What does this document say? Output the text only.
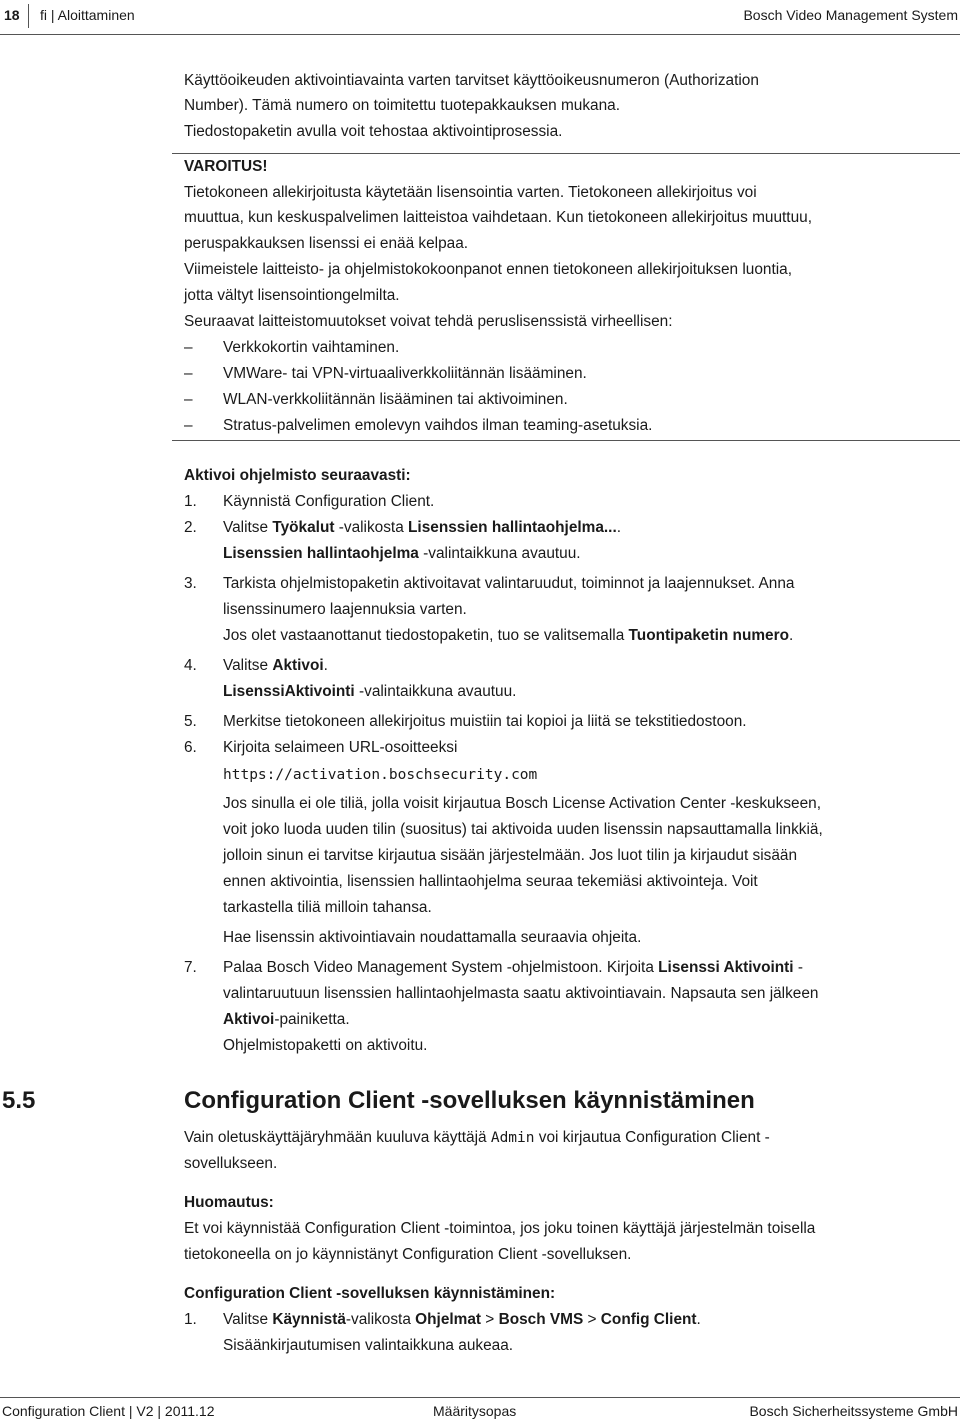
18 fi | Aloittaminen	Bosch Video Management System
Käyttöoikeuden aktivointiavainta varten tarvitset käyttöoikeusnumeron (Authorization
Number). Tämä numero on toimitettu tuotepakkauksen mukana.
Tiedostopaketin avulla voit tehostaa aktivointiprosessia.
VAROITUS!
Tietokoneen allekirjoitusta käytetään lisensointia varten. Tietokoneen allekirjoitus voi
muuttua, kun keskuspalvelimen laitteistoa vaihdetaan. Kun tietokoneen allekirjoitus muuttuu,
peruspakkauksen lisenssi ei enää kelpaa.
Viimeistele laitteisto- ja ohjelmistokokoonpanot ennen tietokoneen allekirjoituksen luontia,
jotta vältyt lisensointiongelmilta.
Seuraavat laitteistomuutokset voivat tehdä peruslisenssistä virheellisen:
– Verkkokortin vaihtaminen.
– VMWare- tai VPN-virtuaaliverkkoliitännän lisääminen.
– WLAN-verkkoliitännän lisääminen tai aktivoiminen.
– Stratus-palvelimen emolevyn vaihdos ilman teaming-asetuksia.
Aktivoi ohjelmisto seuraavasti:
1. Käynnistä Configuration Client.
2. Valitse Työkalut -valikosta Lisenssien hallintaohjelma....
Lisenssien hallintaohjelma -valintaikkuna avautuu.
3. Tarkista ohjelmistopaketin aktivoitavat valintaruudut, toiminnot ja laajennukset. Anna
lisenssinumero laajennuksia varten.
Jos olet vastaanottanut tiedostopaketin, tuo se valitsemalla Tuontipaketin numero.
4. Valitse Aktivoi.
LisenssiAktivointi -valintaikkuna avautuu.
5. Merkitse tietokoneen allekirjoitus muistiin tai kopioi ja liitä se tekstitiedostoon.
6. Kirjoita selaimeen URL-osoitteeksi
https://activation.boschsecurity.com
Jos sinulla ei ole tiliä, jolla voisit kirjautua Bosch License Activation Center -keskukseen,
voit joko luoda uuden tilin (suositus) tai aktivoida uuden lisenssin napsauttamalla linkkiä,
jolloin sinun ei tarvitse kirjautua sisään järjestelmään. Jos luot tilin ja kirjaudut sisään
ennen aktivointia, lisenssien hallintaohjelma seuraa tekemiäsi aktivointeja. Voit
tarkastella tiliä milloin tahansa.
Hae lisenssin aktivointiavain noudattamalla seuraavia ohjeita.
7. Palaa Bosch Video Management System -ohjelmistoon. Kirjoita Lisenssi Aktivointi -
valintaruutuun lisenssien hallintaohjelmasta saatu aktivointiavain. Napsauta sen jälkeen
Aktivoi-painiketta.
Ohjelmistopaketti on aktivoitu.
5.5	Configuration Client -sovelluksen käynnistäminen
Vain oletuskäyttäjäryhmään kuuluva käyttäjä Admin voi kirjautua Configuration Client -
sovellukseen.
Huomautus:
Et voi käynnistää Configuration Client -toimintoa, jos joku toinen käyttäjä järjestelmän toisella
tietokoneella on jo käynnistänyt Configuration Client -sovelluksen.
Configuration Client -sovelluksen käynnistäminen:
1. Valitse Käynnistä-valikosta Ohjelmat > Bosch VMS > Config Client.
Sisäänkirjautumisen valintaikkuna aukeaa.
Configuration Client | V2 | 2011.12	Määritysopas	Bosch Sicherheitssysteme GmbH
